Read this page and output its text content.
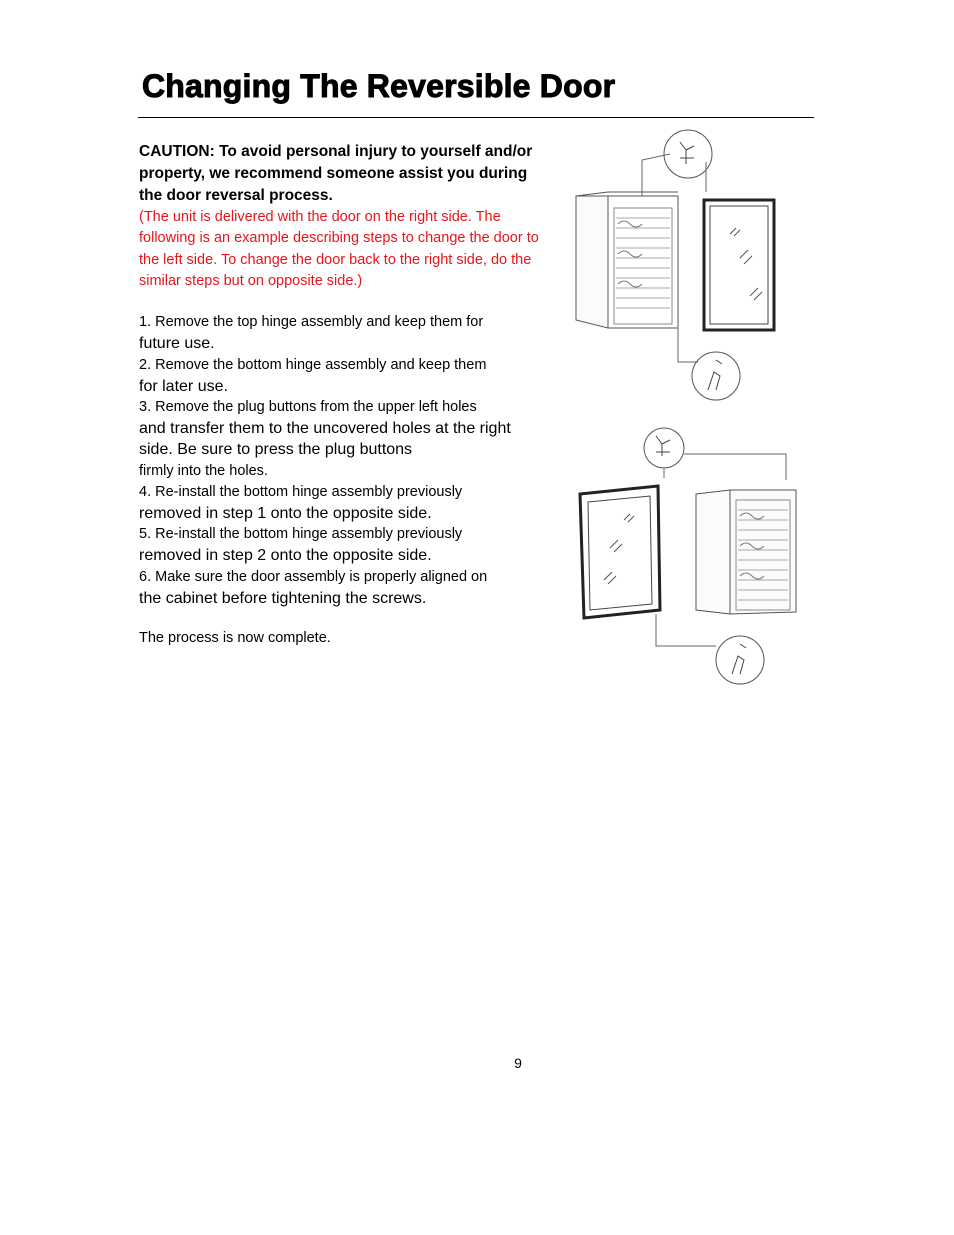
Changing The Reversible Door

CAUTION: To avoid personal injury to yourself and/or property, we recommend someone assist you during the door reversal process.

(The unit is delivered with the door on the right side. The following is an example describing steps to change the door to the left side. To change the door back to the right side, do the similar steps but on opposite side.)

1. Remove the top hinge assembly and keep them for

future use.

2. Remove the bottom hinge assembly and keep them

for later use.

3. Remove the plug buttons from the upper left holes

and transfer them to the uncovered holes at the right side. Be sure to press the plug buttons

firmly into the holes.

4. Re-install the bottom hinge assembly previously

removed in step 1 onto the opposite side.

5. Re-install the bottom hinge assembly previously

removed in step 2 onto the opposite side.

6. Make sure the door assembly is properly aligned on

the cabinet before tightening the screws.

The process is now complete.

9
